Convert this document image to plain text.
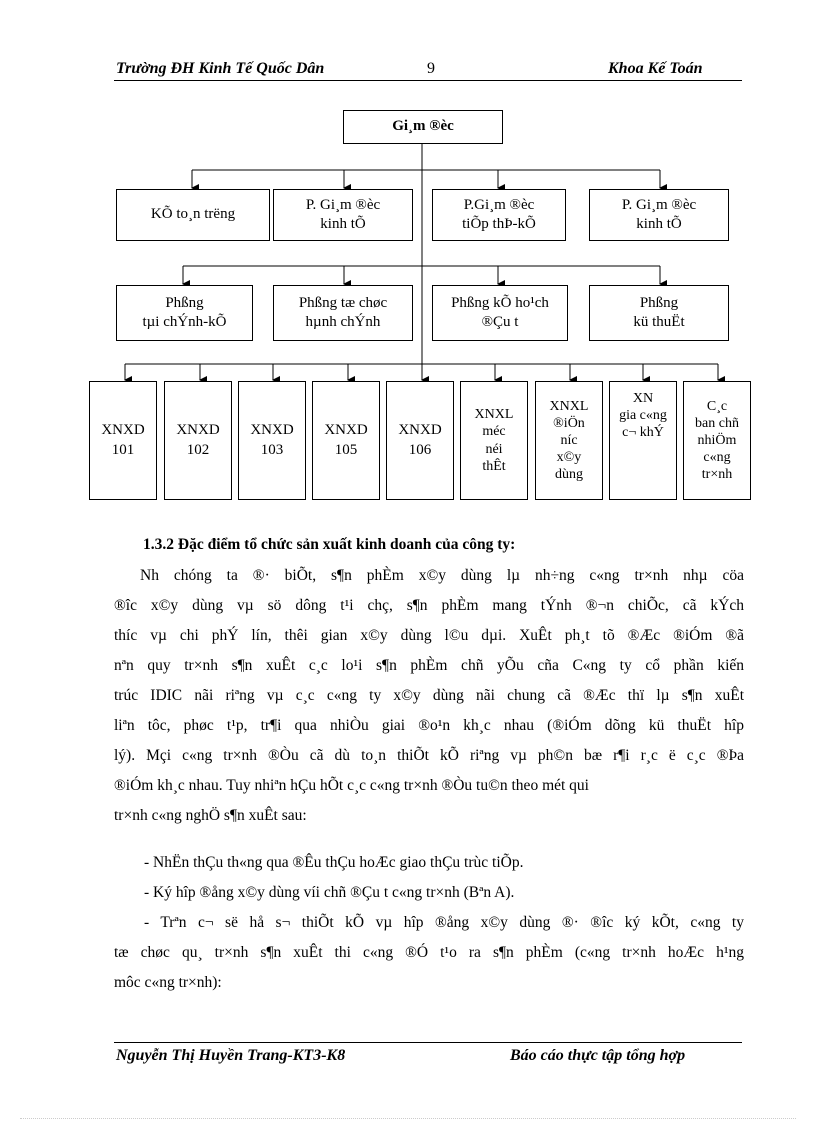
Trường ĐH Kinh Tế Quốc Dân	9	Khoa Kế Toán
Gi¸m ®èc
KÕ to¸n trëng
P. Gi¸m ®èc
kinh tÕ
P.Gi¸m ®èc
tiÕp thÞ-kÕ
P. Gi¸m ®èc
kinh tÕ
Phßng
tµi chÝnh-kÕ
Phßng tæ chøc
hµnh chÝnh
Phßng kÕ ho¹ch
®Çu t
Phßng
kü thuËt
XNXD
101
XNXD
102
XNXD
103
XNXD
105
XNXD
106
XNXL
méc
néi
thÊt
XNXL
®iÖn
níc
x©y
dùng
XN
gia c«ng
c¬ khÝ
C¸c
ban chñ
nhiÖm
c«ng
tr×nh
1.3.2 Đặc điểm tổ chức sản xuất kinh doanh của công ty:
Nh chóng ta ®· biÕt, s¶n phÈm x©y dùng lµ nh÷ng c«ng tr×nh nhµ cöa
®îc x©y dùng vµ sö dông t¹i chç, s¶n phÈm mang tÝnh ®¬n chiÕc, cã kÝch
thíc vµ chi phÝ lín, thêi gian x©y dùng l©u dµi. XuÊt ph¸t tõ ®Æc ®iÓm ®ã
nªn quy tr×nh s¶n xuÊt c¸c lo¹i s¶n phÈm chñ yÕu cña C«ng ty cổ phần kiến
trúc IDIC nãi riªng vµ c¸c c«ng ty x©y dùng nãi chung cã ®Æc thï lµ s¶n xuÊt
liªn tôc, phøc t¹p, tr¶i qua nhiÒu giai ®o¹n kh¸c nhau (®iÓm dõng kü thuËt hîp
lý). Mçi c«ng tr×nh ®Òu cã dù to¸n thiÕt kÕ riªng vµ ph©n bæ r¶i r¸c ë c¸c ®Þa
®iÓm kh¸c nhau. Tuy nhiªn hÇu hÕt c¸c c«ng tr×nh ®Òu tu©n theo mét qui
tr×nh c«ng nghÖ s¶n xuÊt sau:
- NhËn thÇu th«ng qua ®Êu thÇu hoÆc giao thÇu trùc tiÕp.
- Ký hîp ®ång x©y dùng víi chñ ®Çu t c«ng tr×nh (Bªn A).
- Trªn c¬ së hå s¬ thiÕt kÕ vµ hîp ®ång x©y dùng ®· ®îc ký kÕt, c«ng ty
tæ chøc qu¸ tr×nh s¶n xuÊt thi c«ng ®Ó t¹o ra s¶n phÈm (c«ng tr×nh hoÆc h¹ng
môc c«ng tr×nh):
Nguyễn Thị Huyền Trang-KT3-K8	Báo cáo thực tập tổng hợp
